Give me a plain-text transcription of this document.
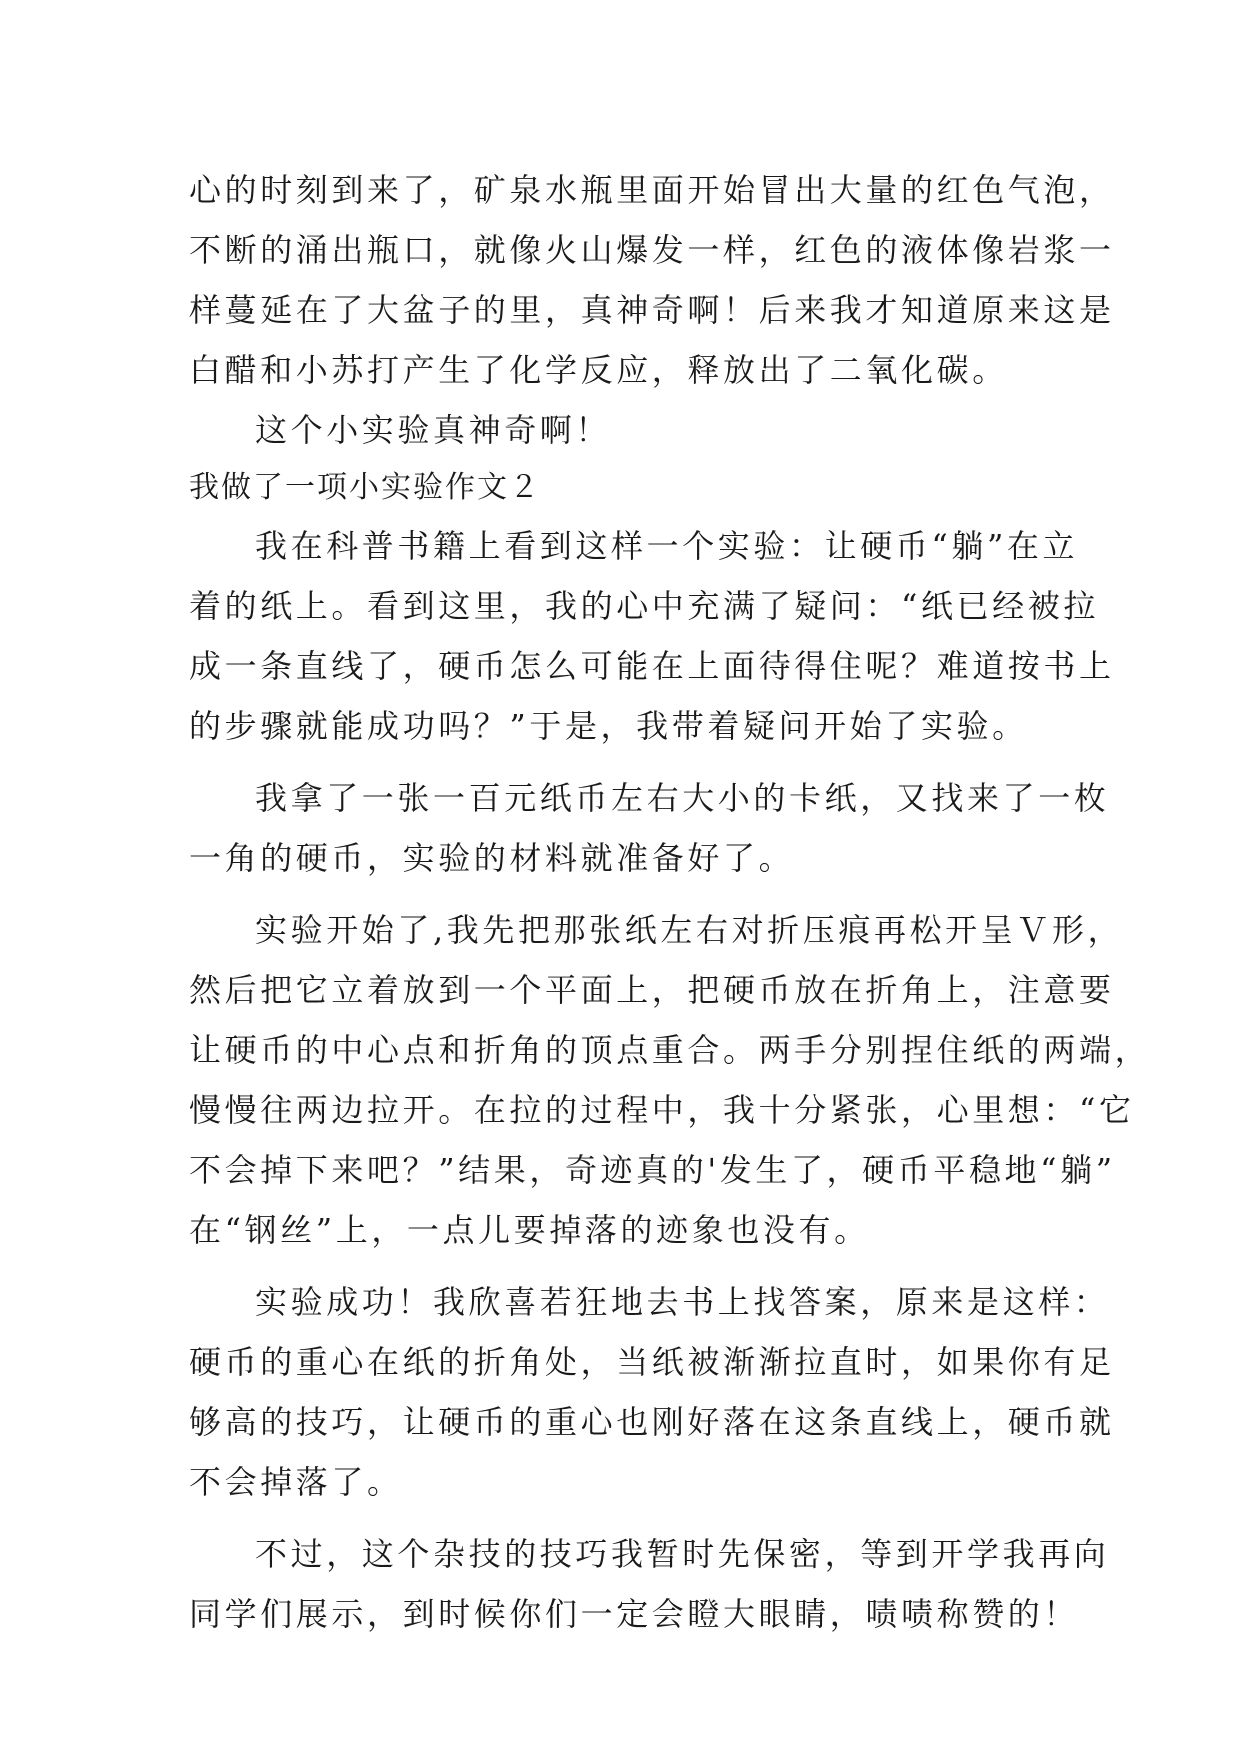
心的时刻到来了，矿泉水瓶里面开始冒出大量的红色气泡，
不断的涌出瓶口，就像火山爆发一样，红色的液体像岩浆一
样蔓延在了大盆子的里，真神奇啊！后来我才知道原来这是
白醋和小苏打产生了化学反应，释放出了二氧化碳。
这个小实验真神奇啊！
我做了一项小实验作文２
我在科普书籍上看到这样一个实验：让硬币“躺”在立
着的纸上。看到这里，我的心中充满了疑问：“纸已经被拉
成一条直线了，硬币怎么可能在上面待得住呢？难道按书上
的步骤就能成功吗？”于是，我带着疑问开始了实验。
我拿了一张一百元纸币左右大小的卡纸，又找来了一枚
一角的硬币，实验的材料就准备好了。
实验开始了,我先把那张纸左右对折压痕再松开呈Ｖ形，
然后把它立着放到一个平面上，把硬币放在折角上，注意要
让硬币的中心点和折角的顶点重合。两手分别捏住纸的两端，
慢慢往两边拉开。在拉的过程中，我十分紧张，心里想：“它
不会掉下来吧？”结果，奇迹真的'发生了，硬币平稳地“躺”
在“钢丝”上，一点儿要掉落的迹象也没有。
实验成功！我欣喜若狂地去书上找答案，原来是这样：
硬币的重心在纸的折角处，当纸被渐渐拉直时，如果你有足
够高的技巧，让硬币的重心也刚好落在这条直线上，硬币就
不会掉落了。
不过，这个杂技的技巧我暂时先保密，等到开学我再向
同学们展示，到时候你们一定会瞪大眼睛，啧啧称赞的！
